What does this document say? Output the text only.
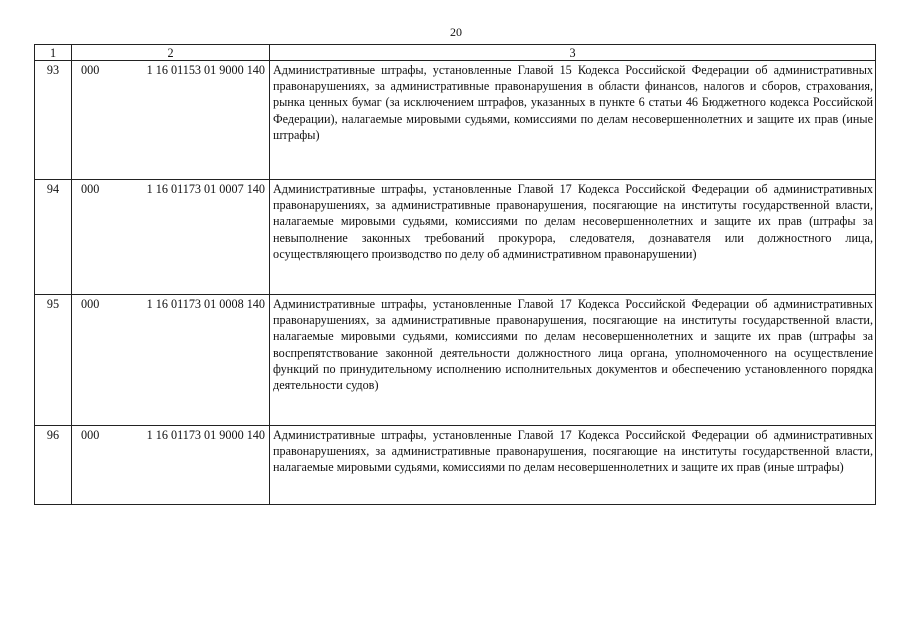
20
1	2	3
93	000 1 16 01153 01 9000 140	Административные штрафы, установленные Главой 15 Кодекса Российской Федерации об административных правонарушениях, за административные правонарушения в области финансов, налогов и сборов, страхования, рынка ценных бумаг (за исключением штрафов, указанных в пункте 6 статьи 46 Бюджетного кодекса Российской Федерации), налагаемые мировыми судьями, комиссиями по делам несовершеннолетних и защите их прав (иные штрафы)
94	000 1 16 01173 01 0007 140	Административные штрафы, установленные Главой 17 Кодекса Российской Федерации об административных правонарушениях, за административные правонарушения, посягающие на институты государственной власти, налагаемые мировыми судьями, комиссиями по делам несовершеннолетних и защите их прав (штрафы за невыполнение законных требований прокурора, следователя, дознавателя или должностного лица, осуществляющего производство по делу об административном правонарушении)
95	000 1 16 01173 01 0008 140	Административные штрафы, установленные Главой 17 Кодекса Российской Федерации об административных правонарушениях, за административные правонарушения, посягающие на институты государственной власти, налагаемые мировыми судьями, комиссиями по делам несовершеннолетних и защите их прав (штрафы за воспрепятствование законной деятельности должностного лица органа, уполномоченного на осуществление функций по принудительному исполнению исполнительных документов и обеспечению установленного порядка деятельности судов)
96	000 1 16 01173 01 9000 140	Административные штрафы, установленные Главой 17 Кодекса Российской Федерации об административных правонарушениях, за административные правонарушения, посягающие на институты государственной власти, налагаемые мировыми судьями, комиссиями по делам несовершеннолетних и защите их прав (иные штрафы)
